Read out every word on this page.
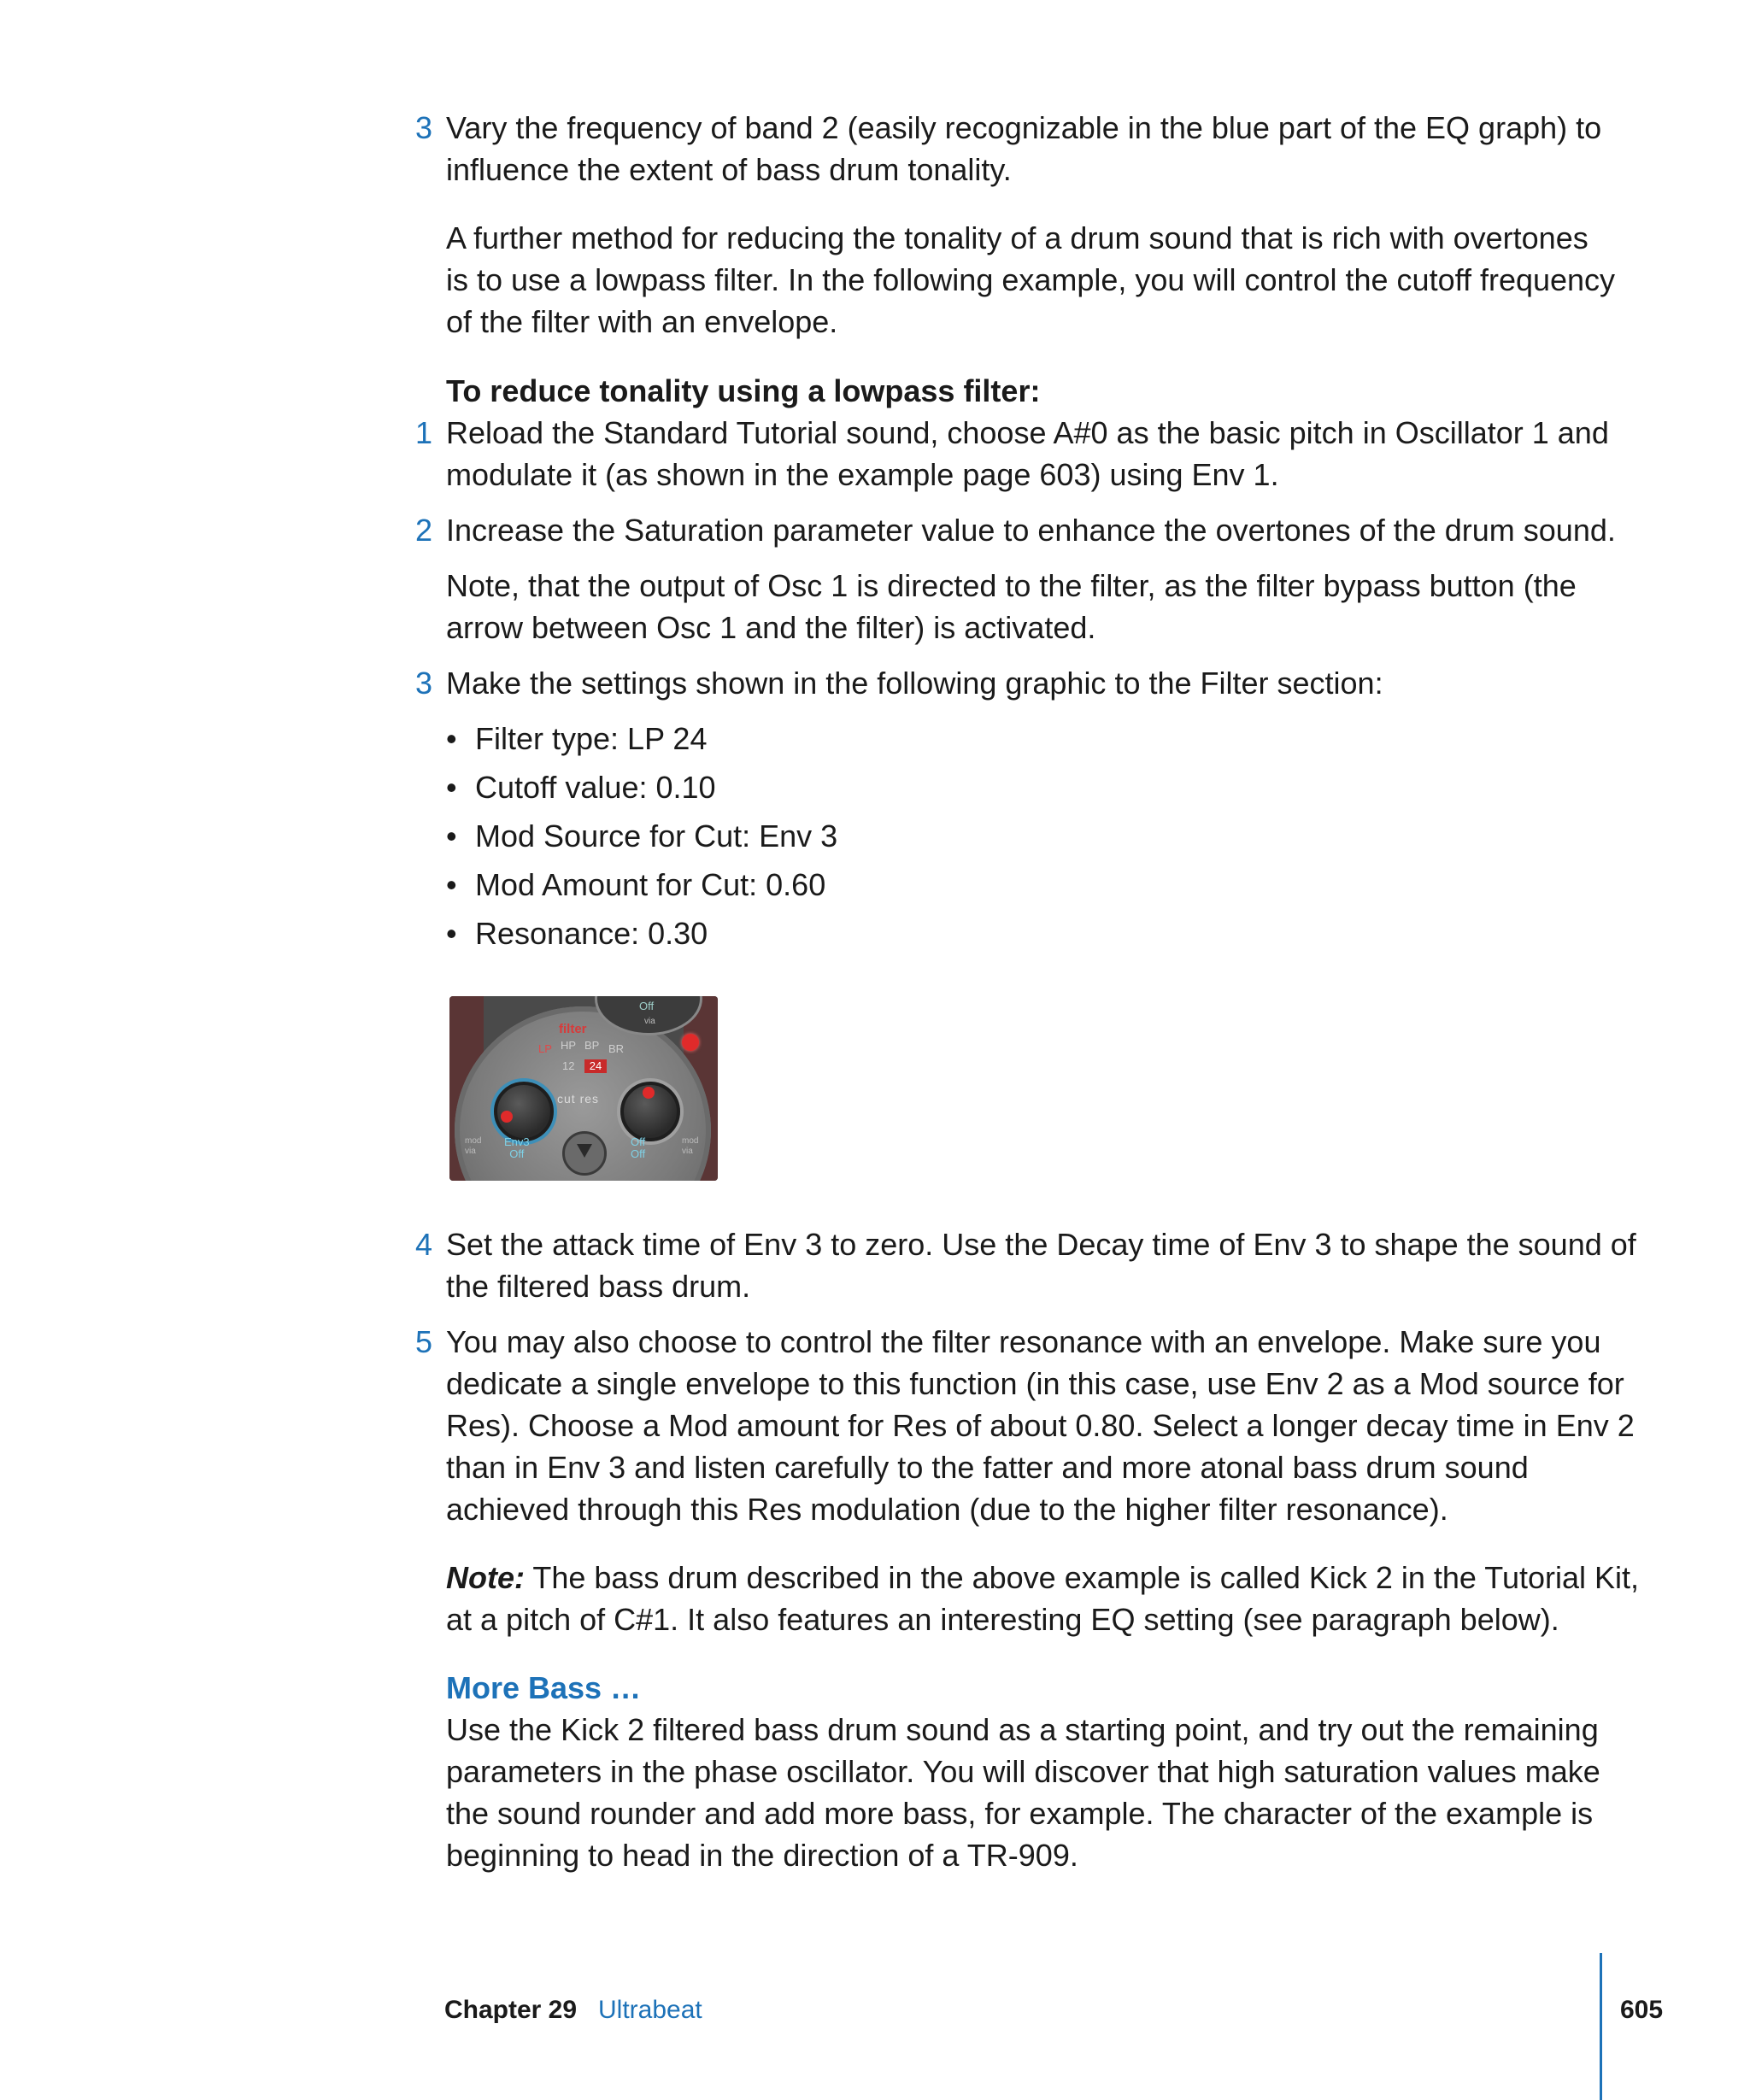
3 Vary the frequency of band 2 (easily recognizable in the blue part of the EQ graph) to
influence the extent of bass drum tonality.
A further method for reducing the tonality of a drum sound that is rich with overtones
is to use a lowpass filter. In the following example, you will control the cutoff frequency
of the filter with an envelope.
To reduce tonality using a lowpass filter:
1 Reload the Standard Tutorial sound, choose A#0 as the basic pitch in Oscillator 1 and
modulate it (as shown in the example page 603) using Env 1.
2 Increase the Saturation parameter value to enhance the overtones of the drum sound.
Note, that the output of Osc 1 is directed to the filter, as the filter bypass button (the
arrow between Osc 1 and the filter) is activated.
3 Make the settings shown in the following graphic to the Filter section:
• Filter type: LP 24
• Cutoff value: 0.10
• Mod Source for Cut: Env 3
• Mod Amount for Cut: 0.60
• Resonance: 0.30
Off
via
filter
LP HP BP BR
12	24
cut res
Env3
Off
Off
Off
mod
via
mod
via
4 Set the attack time of Env 3 to zero. Use the Decay time of Env 3 to shape the sound of
the filtered bass drum.
5 You may also choose to control the filter resonance with an envelope. Make sure you
dedicate a single envelope to this function (in this case, use Env 2 as a Mod source for
Res). Choose a Mod amount for Res of about 0.80. Select a longer decay time in Env 2
than in Env 3 and listen carefully to the fatter and more atonal bass drum sound
achieved through this Res modulation (due to the higher filter resonance).
Note: The bass drum described in the above example is called Kick 2 in the Tutorial Kit,
at a pitch of C#1. It also features an interesting EQ setting (see paragraph below).
More Bass …
Use the Kick 2 filtered bass drum sound as a starting point, and try out the remaining
parameters in the phase oscillator. You will discover that high saturation values make
the sound rounder and add more bass, for example. The character of the example is
beginning to head in the direction of a TR-909.
Chapter 29 Ultrabeat	605
